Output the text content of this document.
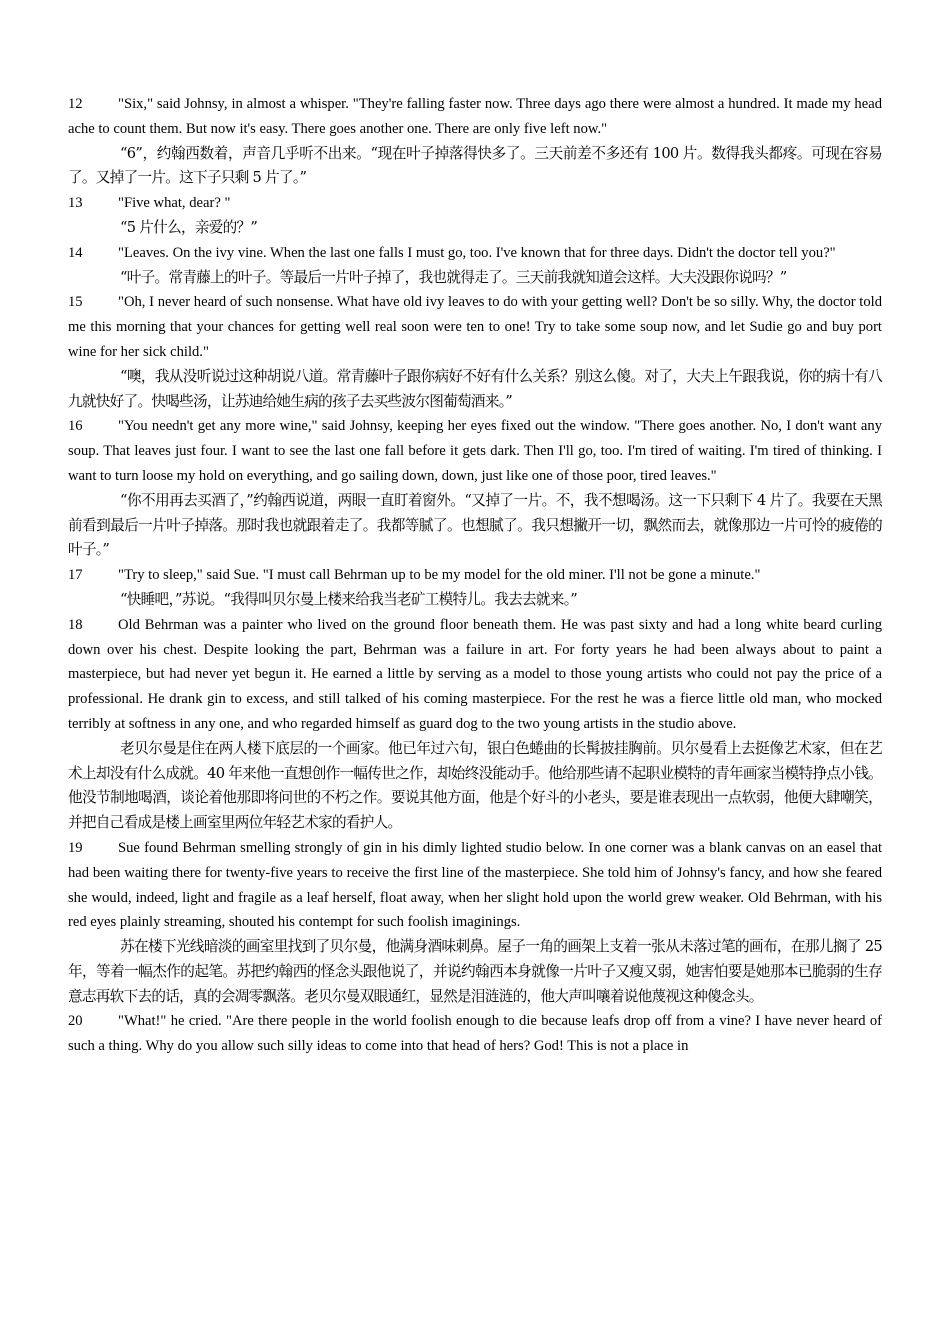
12 "Six," said Johnsy, in almost a whisper. "They're falling faster now. Three days ago there were almost a hundred. It made my head ache to count them. But now it's easy. There goes another one. There are only five left now."

“6”，约翰西数着，声音几乎听不出来。“现在叶子掉落得快多了。三天前差不多还有 100 片。数得我头都疼。可现在容易了。又掉了一片。这下子只剩 5 片了。”

13 "Five what, dear? "

“5 片什么，亲爱的？”

14 "Leaves. On the ivy vine. When the last one falls I must go, too. I've known that for three days. Didn't the doctor tell you?"

“叶子。常青藤上的叶子。等最后一片叶子掉了，我也就得走了。三天前我就知道会这样。大夫没跟你说吗？”

15 "Oh, I never heard of such nonsense. What have old ivy leaves to do with your getting well? Don't be so silly. Why, the doctor told me this morning that your chances for getting well real soon were ten to one! Try to take some soup now, and let Sudie go and buy port wine for her sick child."

“噢，我从没听说过这种胡说八道。常青藤叶子跟你病好不好有什么关系？别这么傻。对了，大夫上午跟我说，你的病十有八九就快好了。快喝些汤，让苏迪给她生病的孩子去买些波尔图葡萄酒来。”

16 "You needn't get any more wine," said Johnsy, keeping her eyes fixed out the window. "There goes another. No, I don't want any soup. That leaves just four. I want to see the last one fall before it gets dark. Then I'll go, too. I'm tired of waiting. I'm tired of thinking. I want to turn loose my hold on everything, and go sailing down, down, just like one of those poor, tired leaves."

“你不用再去买酒了，”约翰西说道，两眼一直盯着窗外。“又掉了一片。不，我不想喝汤。这一下只剩下 4 片了。我要在天黑前看到最后一片叶子掉落。那时我也就跟着走了。我都等腻了。也想腻了。我只想撇开一切，飘然而去，就像那边一片可怜的疲倦的叶子。”

17 "Try to sleep," said Sue. "I must call Behrman up to be my model for the old miner. I'll not be gone a minute."

“快睡吧，”苏说。“我得叫贝尔曼上楼来给我当老矿工模特儿。我去去就来。”

18 Old Behrman was a painter who lived on the ground floor beneath them. He was past sixty and had a long white beard curling down over his chest. Despite looking the part, Behrman was a failure in art. For forty years he had been always about to paint a masterpiece, but had never yet begun it. He earned a little by serving as a model to those young artists who could not pay the price of a professional. He drank gin to excess, and still talked of his coming masterpiece. For the rest he was a fierce little old man, who mocked terribly at softness in any one, and who regarded himself as guard dog to the two young artists in the studio above.

老贝尔曼是住在两人楼下底层的一个画家。他已年过六旬，银白色蜷曲的长髯披挂胸前。贝尔曼看上去挺像艺术家，但在艺术上却没有什么成就。40 年来他一直想创作一幅传世之作，却始终没能动手。他给那些请不起职业模特的青年画家当模特挣点小钱。他没节制地喝酒，谈论着他那即将问世的不朽之作。要说其他方面，他是个好斗的小老头，要是谁表现出一点软弱，他便大肆嘲笑，并把自己看成是楼上画室里两位年轻艺术家的看护人。

19 Sue found Behrman smelling strongly of gin in his dimly lighted studio below. In one corner was a blank canvas on an easel that had been waiting there for twenty-five years to receive the first line of the masterpiece. She told him of Johnsy's fancy, and how she feared she would, indeed, light and fragile as a leaf herself, float away, when her slight hold upon the world grew weaker. Old Behrman, with his red eyes plainly streaming, shouted his contempt for such foolish imaginings.

苏在楼下光线暗淡的画室里找到了贝尔曼，他满身酒味刺鼻。屋子一角的画架上支着一张从未落过笔的画布，在那儿搁了 25 年，等着一幅杰作的起笔。苏把约翰西的怪念头跟他说了，并说约翰西本身就像一片叶子又瘦又弱，她害怕要是她那本已脆弱的生存意志再软下去的话，真的会凋零飘落。老贝尔曼双眼通红，显然是泪涟涟的，他大声叫嚷着说他蔑视这种傻念头。

20 "What!" he cried. "Are there people in the world foolish enough to die because leafs drop off from a vine? I have never heard of such a thing. Why do you allow such silly ideas to come into that head of hers? God! This is not a place in
